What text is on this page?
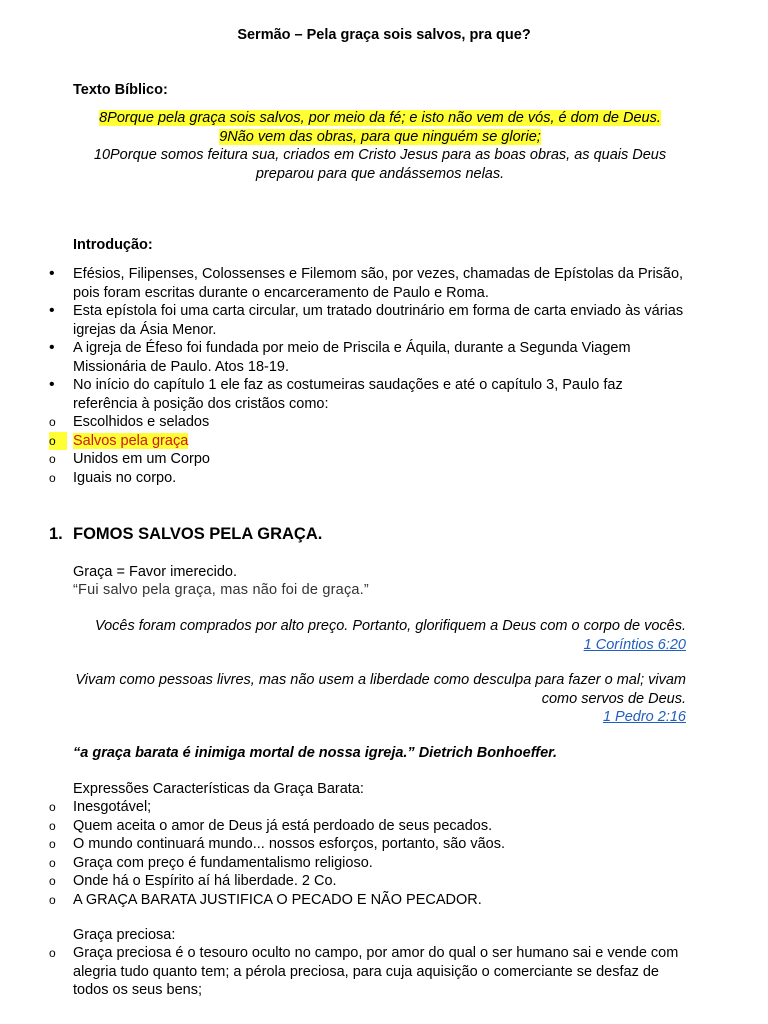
Sermão – Pela graça sois salvos, pra que?
Texto Bíblico:
8Porque pela graça sois salvos, por meio da fé; e isto não vem de vós, é dom de Deus.
9Não vem das obras, para que ninguém se glorie;
10Porque somos feitura sua, criados em Cristo Jesus para as boas obras, as quais Deus preparou para que andássemos nelas.
Introdução:
•
Efésios, Filipenses, Colossenses e Filemom são, por vezes, chamadas de Epístolas da Prisão, pois foram escritas durante o encarceramento de Paulo e Roma.
•
Esta epístola foi uma carta circular, um tratado doutrinário em forma de carta enviado às várias igrejas da Ásia Menor.
•
A igreja de Éfeso foi fundada por meio de Priscila e Áquila, durante a Segunda Viagem Missionária de Paulo. Atos 18-19.
•
No início do capítulo 1 ele faz as costumeiras saudações e até o capítulo 3, Paulo faz referência à posição dos cristãos como:
o
Escolhidos e selados
o
Salvos pela graça
o
Unidos em um Corpo
o
Iguais no corpo.
1. FOMOS SALVOS PELA GRAÇA.
Graça = Favor imerecido.
“Fui salvo pela graça, mas não foi de graça.”
Vocês foram comprados por alto preço. Portanto, glorifiquem a Deus com o corpo de vocês.
1 Coríntios 6:20
Vivam como pessoas livres, mas não usem a liberdade como desculpa para fazer o mal; vivam como servos de Deus.
1 Pedro 2:16
“a graça barata é inimiga mortal de nossa igreja.” Dietrich Bonhoeffer.
Expressões Características da Graça Barata:
o
Inesgotável;
o
Quem aceita o amor de Deus já está perdoado de seus pecados.
o
O mundo continuará mundo... nossos esforços, portanto, são vãos.
o
Graça com preço é fundamentalismo religioso.
o
Onde há o Espírito aí há liberdade. 2 Co.
o
A GRAÇA BARATA JUSTIFICA O PECADO E NÃO PECADOR.
Graça preciosa:
o
Graça preciosa é o tesouro oculto no campo, por amor do qual o ser humano sai e vende com alegria tudo quanto tem; a pérola preciosa, para cuja aquisição o comerciante se desfaz de todos os seus bens;
